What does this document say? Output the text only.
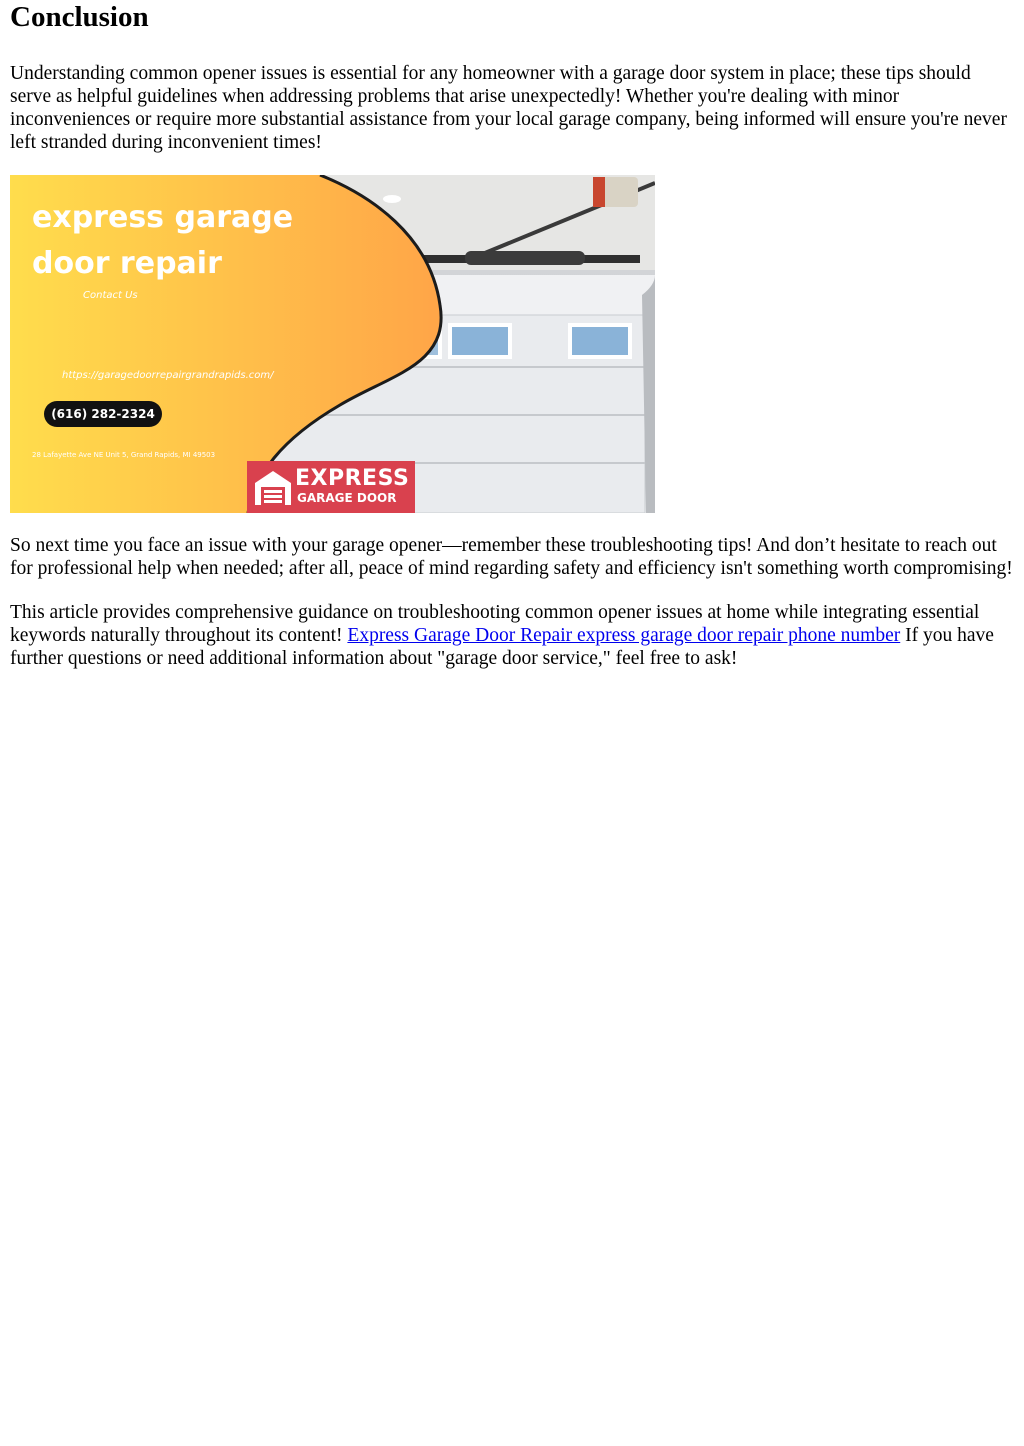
Conclusion

Understanding common opener issues is essential for any homeowner with a garage door system in place; these tips should serve as helpful guidelines when addressing problems that arise unexpectedly! Whether you're dealing with minor inconveniences or require more substantial assistance from your local garage company, being informed will ensure you're never left stranded during inconvenient times!

express garage
door repair
Contact Us
https://garagedoorrepairgrandrapids.com/
(616) 282-2324
28 Lafayette Ave NE Unit 5, Grand Rapids, MI 49503
EXPRESS
GARAGE DOOR

So next time you face an issue with your garage opener—remember these troubleshooting tips! And don’t hesitate to reach out for professional help when needed; after all, peace of mind regarding safety and efficiency isn't something worth compromising!

This article provides comprehensive guidance on troubleshooting common opener issues at home while integrating essential keywords naturally throughout its content! Express Garage Door Repair express garage door repair phone number If you have further questions or need additional information about "garage door service," feel free to ask!
